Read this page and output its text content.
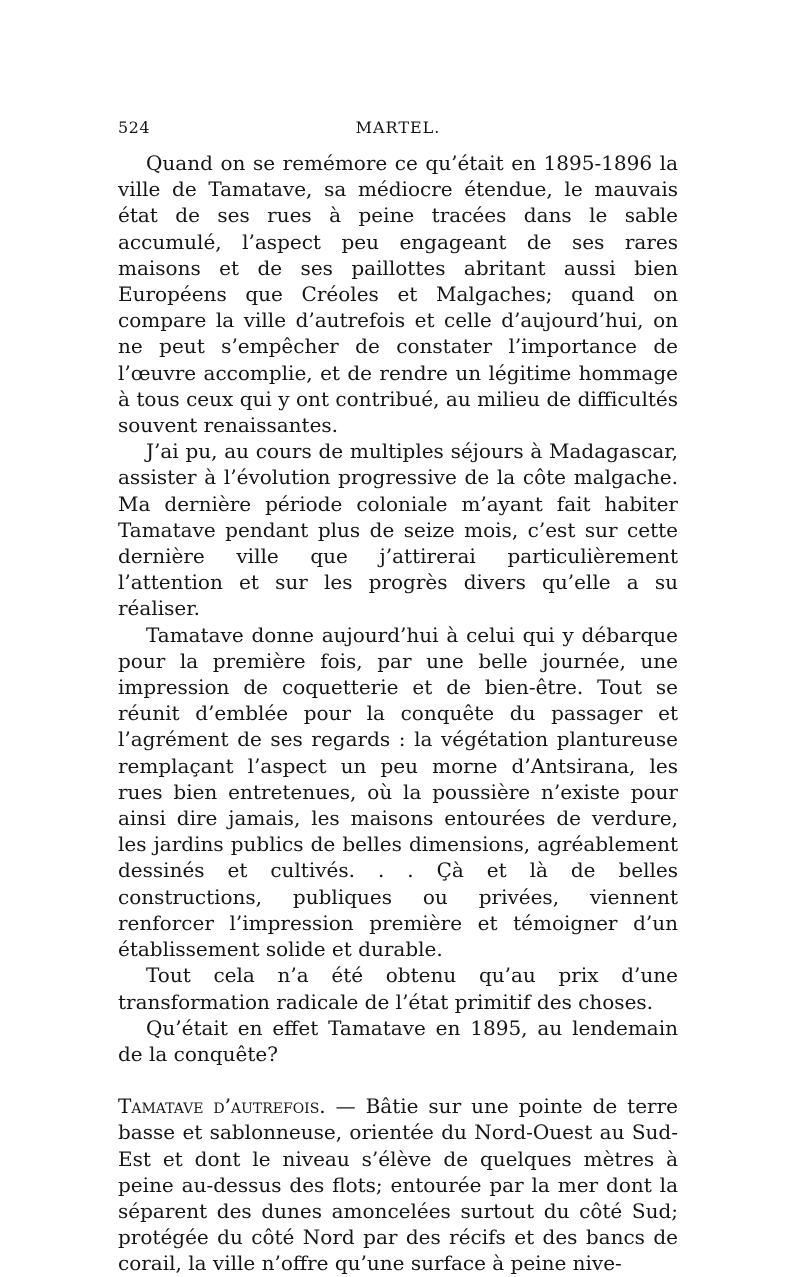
524	MARTEL.

Quand on se remémore ce qu’était en 1895-1896 la ville de Tamatave, sa médiocre étendue, le mauvais état de ses rues à peine tracées dans le sable accumulé, l’aspect peu engageant de ses rares maisons et de ses paillottes abritant aussi bien Européens que Créoles et Malgaches; quand on compare la ville d’autrefois et celle d’aujourd’hui, on ne peut s’empêcher de constater l’importance de l’œuvre accomplie, et de rendre un légitime hommage à tous ceux qui y ont contribué, au milieu de difficultés souvent renaissantes.

J’ai pu, au cours de multiples séjours à Madagascar, assister à l’évolution progressive de la côte malgache. Ma dernière période coloniale m’ayant fait habiter Tamatave pendant plus de seize mois, c’est sur cette dernière ville que j’attirerai particulièrement l’attention et sur les progrès divers qu’elle a su réaliser.

Tamatave donne aujourd’hui à celui qui y débarque pour la première fois, par une belle journée, une impression de coquetterie et de bien-être. Tout se réunit d’emblée pour la conquête du passager et l’agrément de ses regards : la végétation plantureuse remplaçant l’aspect un peu morne d’Antsirana, les rues bien entretenues, où la poussière n’existe pour ainsi dire jamais, les maisons entourées de verdure, les jardins publics de belles dimensions, agréablement dessinés et cultivés. . . Çà et là de belles constructions, publiques ou privées, viennent renforcer l’impression première et témoigner d’un établissement solide et durable.

Tout cela n’a été obtenu qu’au prix d’une transformation radicale de l’état primitif des choses.

Qu’était en effet Tamatave en 1895, au lendemain de la conquête?

Tamatave d’autrefois. — Bâtie sur une pointe de terre basse et sablonneuse, orientée du Nord-Ouest au Sud-Est et dont le niveau s’élève de quelques mètres à peine au-dessus des flots; entourée par la mer dont la séparent des dunes amoncelées surtout du côté Sud; protégée du côté Nord par des récifs et des bancs de corail, la ville n’offre qu’une surface à peine nive-
